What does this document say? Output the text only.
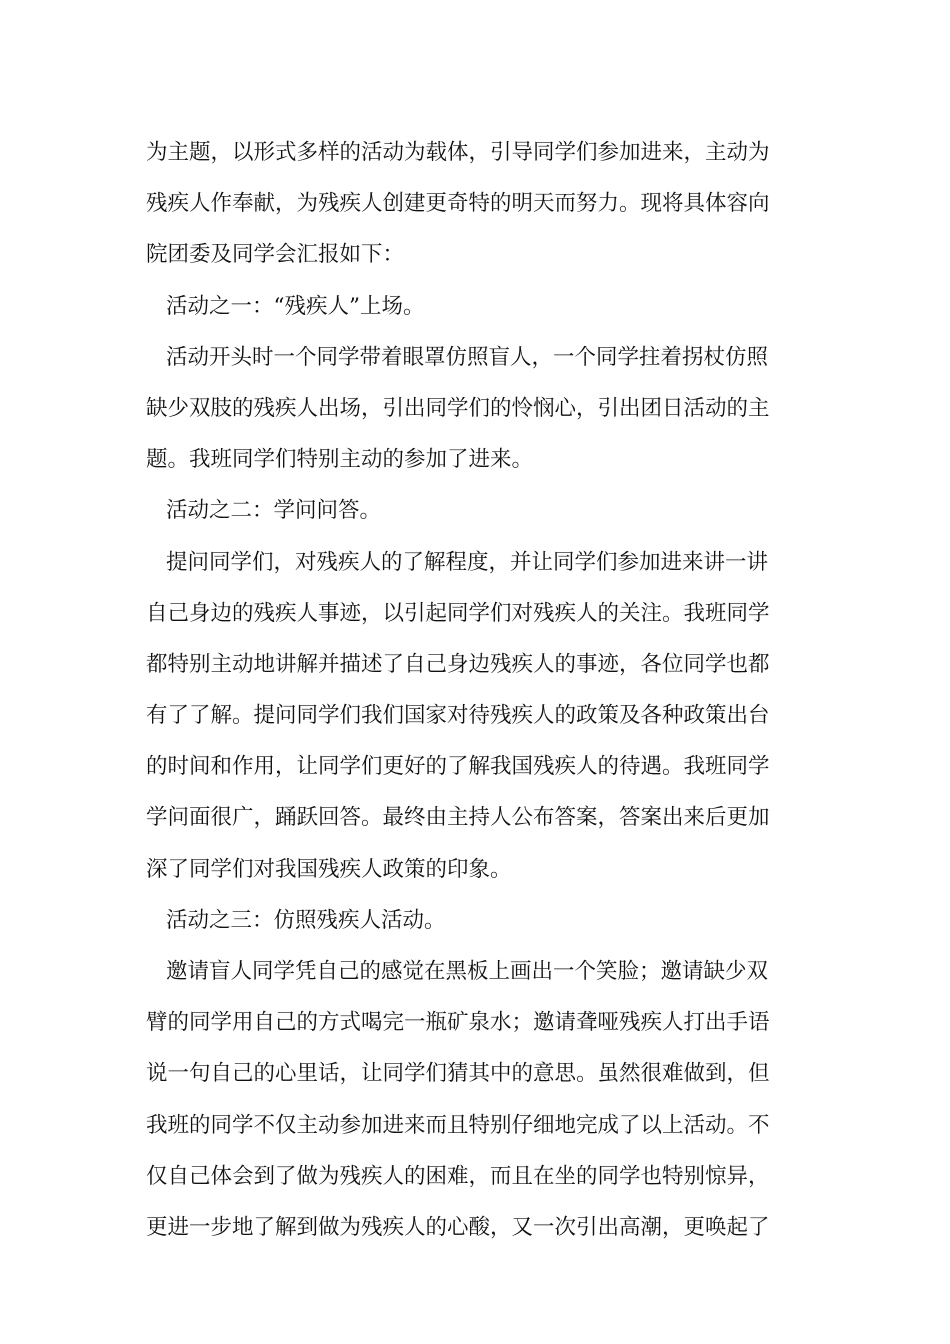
为主题，以形式多样的活动为载体，引导同学们参加进来，主动为
残疾人作奉献，为残疾人创建更奇特的明天而努力。现将具体容向
院团委及同学会汇报如下：
活动之一：“残疾人”上场。
活动开头时一个同学带着眼罩仿照盲人，一个同学拄着拐杖仿照
缺少双肢的残疾人出场，引出同学们的怜悯心，引出团日活动的主
题。我班同学们特别主动的参加了进来。
活动之二：学问问答。
提问同学们，对残疾人的了解程度，并让同学们参加进来讲一讲
自己身边的残疾人事迹，以引起同学们对残疾人的关注。我班同学
都特别主动地讲解并描述了自己身边残疾人的事迹，各位同学也都
有了了解。提问同学们我们国家对待残疾人的政策及各种政策出台
的时间和作用，让同学们更好的了解我国残疾人的待遇。我班同学
学问面很广，踊跃回答。最终由主持人公布答案，答案出来后更加
深了同学们对我国残疾人政策的印象。
活动之三：仿照残疾人活动。
邀请盲人同学凭自己的感觉在黑板上画出一个笑脸；邀请缺少双
臂的同学用自己的方式喝完一瓶矿泉水；邀请聋哑残疾人打出手语
说一句自己的心里话，让同学们猜其中的意思。虽然很难做到，但
我班的同学不仅主动参加进来而且特别仔细地完成了以上活动。不
仅自己体会到了做为残疾人的困难，而且在坐的同学也特别惊异，
更进一步地了解到做为残疾人的心酸，又一次引出高潮，更唤起了
